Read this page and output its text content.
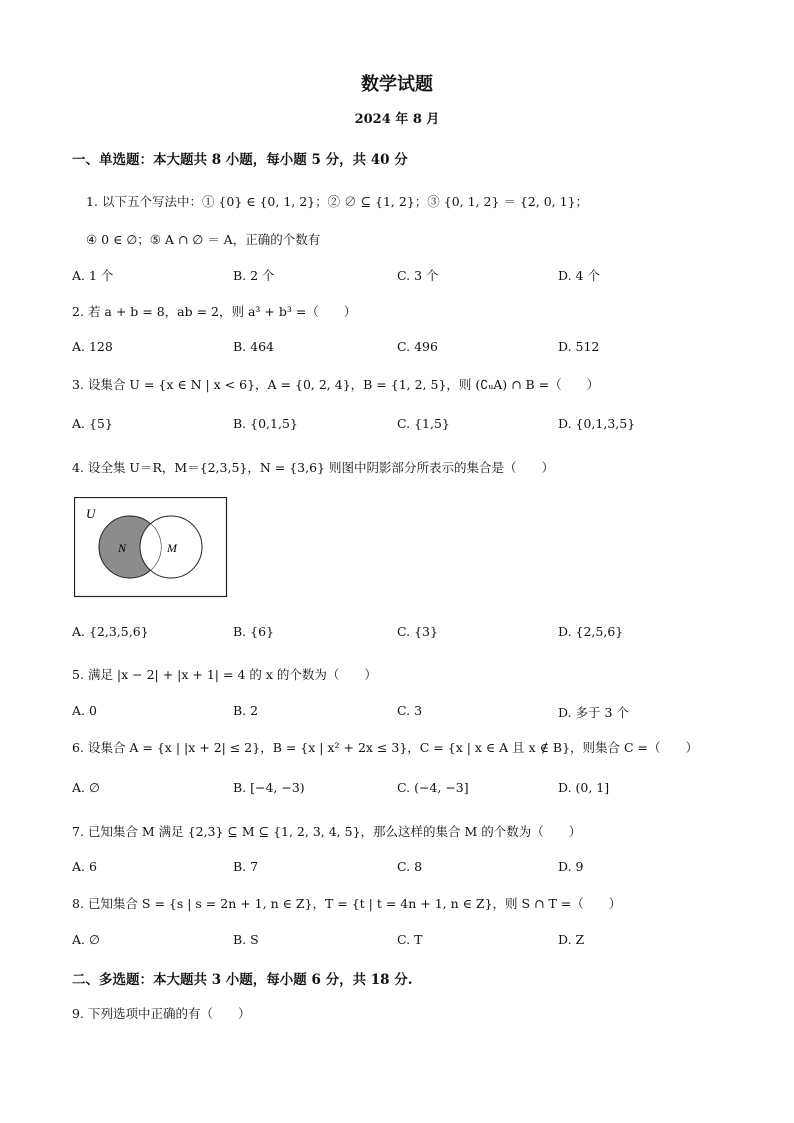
数学试题
2024 年 8 月
一、单选题：本大题共 8 小题，每小题 5 分，共 40 分
1. 以下五个写法中：① {0} ∈ {0, 1, 2}；② ∅ ⊆ {1, 2}；③ {0, 1, 2} ＝ {2, 0, 1}；
④ 0 ∈ ∅；⑤ A ∩ ∅ ＝ A，正确的个数有
A. 1 个	B. 2 个	C. 3 个	D. 4 个
2. 若 a + b = 8，ab = 2，则 a³ + b³ =（　　）
A. 128	B. 464	C. 496	D. 512
3. 设集合 U = {x ∈ N | x < 6}，A = {0, 2, 4}，B = {1, 2, 5}，则 (∁ᵤA) ∩ B =（　　）
A. {5}	B. {0,1,5}	C. {1,5}	D. {0,1,3,5}
4. 设全集 U＝R，M＝{2,3,5}，N = {3,6} 则图中阴影部分所表示的集合是（　　）
U
N	M
A. {2,3,5,6}	B. {6}	C. {3}	D. {2,5,6}
5. 满足 |x − 2| + |x + 1| = 4 的 x 的个数为（　　）
A. 0	B. 2	C. 3	D. 多于 3 个
6. 设集合 A = {x | |x + 2| ≤ 2}，B = {x | x² + 2x ≤ 3}，C = {x | x ∈ A 且 x ∉ B}，则集合 C =（　　）
A. ∅	B. [−4, −3)	C. (−4, −3]	D. (0, 1]
7. 已知集合 M 满足 {2,3} ⊆ M ⊆ {1, 2, 3, 4, 5}，那么这样的集合 M 的个数为（　　）
A. 6	B. 7	C. 8	D. 9
8. 已知集合 S = {s | s = 2n + 1, n ∈ Z}，T = {t | t = 4n + 1, n ∈ Z}，则 S ∩ T =（　　）
A. ∅	B. S	C. T	D. Z
二、多选题：本大题共 3 小题，每小题 6 分，共 18 分.
9. 下列选项中正确的有（　　）
